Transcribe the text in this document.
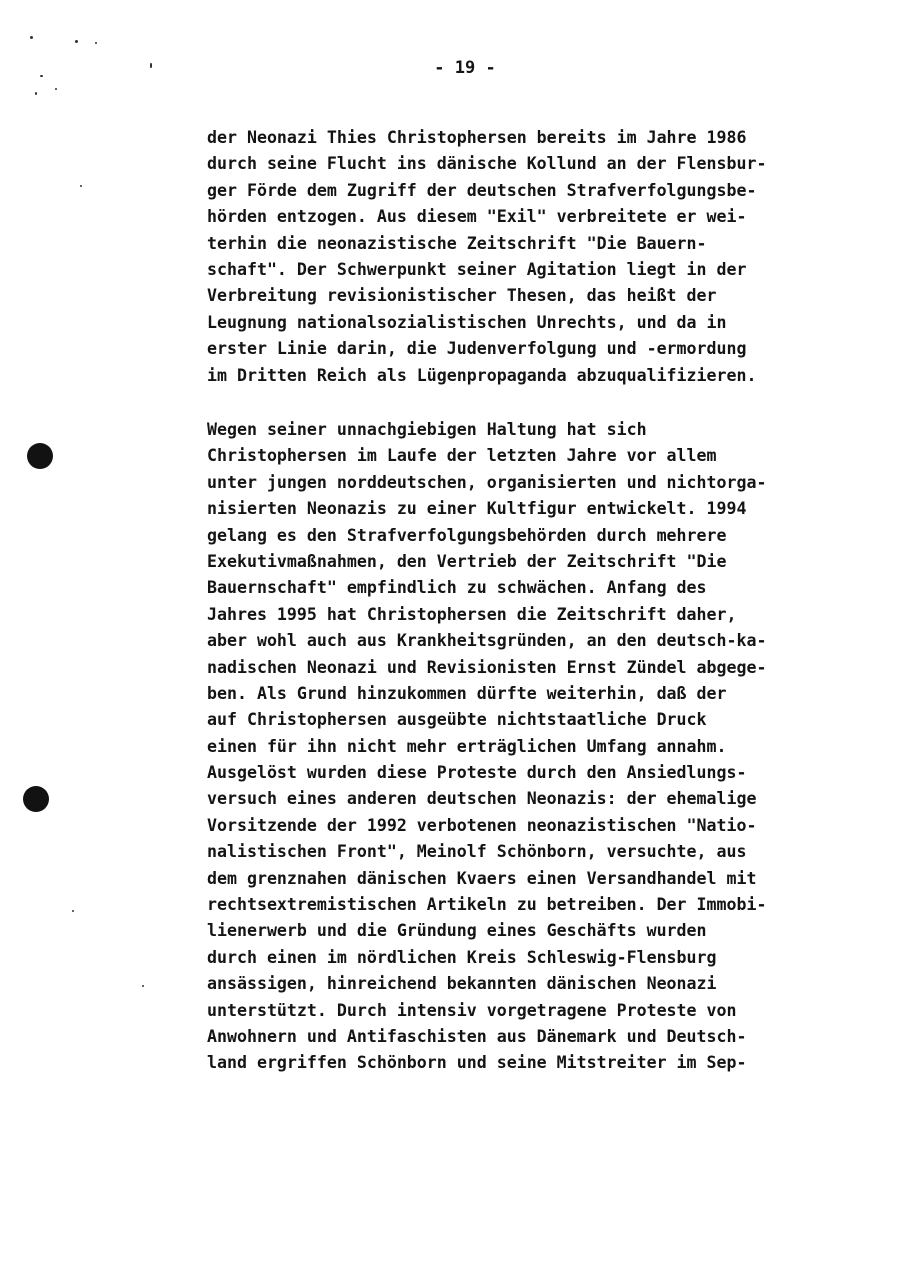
- 19 -
der Neonazi Thies Christophersen bereits im Jahre 1986
durch seine Flucht ins dänische Kollund an der Flensbur-
ger Förde dem Zugriff der deutschen Strafverfolgungsbe-
hörden entzogen. Aus diesem "Exil" verbreitete er wei-
terhin die neonazistische Zeitschrift "Die Bauern-
schaft". Der Schwerpunkt seiner Agitation liegt in der
Verbreitung revisionistischer Thesen, das heißt der
Leugnung nationalsozialistischen Unrechts, und da in
erster Linie darin, die Judenverfolgung und -ermordung
im Dritten Reich als Lügenpropaganda abzuqualifizieren.
Wegen seiner unnachgiebigen Haltung hat sich
Christophersen im Laufe der letzten Jahre vor allem
unter jungen norddeutschen, organisierten und nichtorga-
nisierten Neonazis zu einer Kultfigur entwickelt. 1994
gelang es den Strafverfolgungsbehörden durch mehrere
Exekutivmaßnahmen, den Vertrieb der Zeitschrift "Die
Bauernschaft" empfindlich zu schwächen. Anfang des
Jahres 1995 hat Christophersen die Zeitschrift daher,
aber wohl auch aus Krankheitsgründen, an den deutsch-ka-
nadischen Neonazi und Revisionisten Ernst Zündel abgege-
ben. Als Grund hinzukommen dürfte weiterhin, daß der
auf Christophersen ausgeübte nichtstaatliche Druck
einen für ihn nicht mehr erträglichen Umfang annahm.
Ausgelöst wurden diese Proteste durch den Ansiedlungs-
versuch eines anderen deutschen Neonazis: der ehemalige
Vorsitzende der 1992 verbotenen neonazistischen "Natio-
nalistischen Front", Meinolf Schönborn, versuchte, aus
dem grenznahen dänischen Kvaers einen Versandhandel mit
rechtsextremistischen Artikeln zu betreiben. Der Immobi-
lienerwerb und die Gründung eines Geschäfts wurden
durch einen im nördlichen Kreis Schleswig-Flensburg
ansässigen, hinreichend bekannten dänischen Neonazi
unterstützt. Durch intensiv vorgetragene Proteste von
Anwohnern und Antifaschisten aus Dänemark und Deutsch-
land ergriffen Schönborn und seine Mitstreiter im Sep-
